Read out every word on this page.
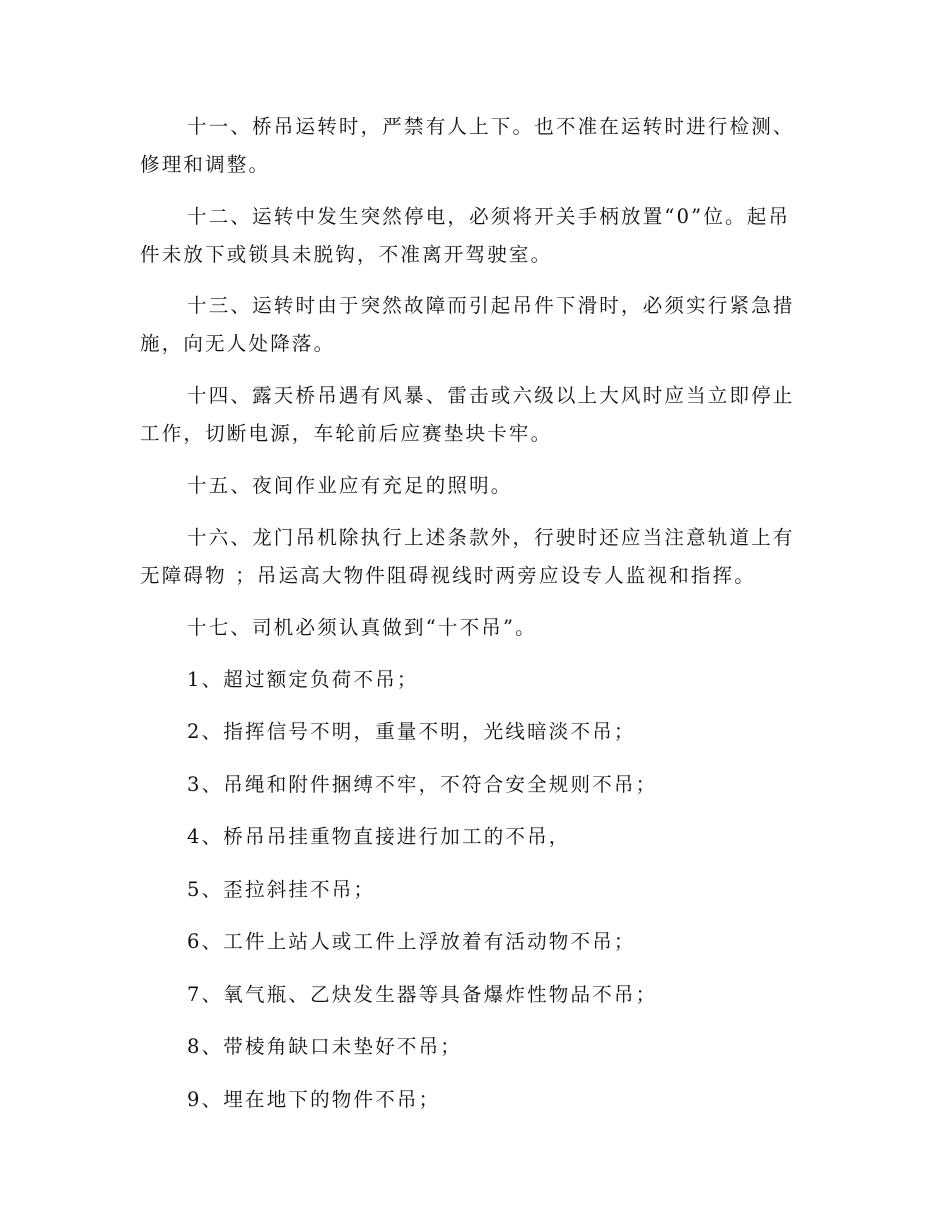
十一、桥吊运转时，严禁有人上下。也不准在运转时进行检测、
修理和调整。

十二、运转中发生突然停电，必须将开关手柄放置“0”位。起吊
件未放下或锁具未脱钩，不准离开驾驶室。

十三、运转时由于突然故障而引起吊件下滑时，必须实行紧急措
施，向无人处降落。

十四、露天桥吊遇有风暴、雷击或六级以上大风时应当立即停止
工作，切断电源，车轮前后应赛垫块卡牢。

十五、夜间作业应有充足的照明。

十六、龙门吊机除执行上述条款外，行驶时还应当注意轨道上有
无障碍物 ；吊运高大物件阻碍视线时两旁应设专人监视和指挥。

十七、司机必须认真做到“十不吊”。

1、超过额定负荷不吊；

2、指挥信号不明，重量不明，光线暗淡不吊；

3、吊绳和附件捆缚不牢，不符合安全规则不吊；

4、桥吊吊挂重物直接进行加工的不吊，

5、歪拉斜挂不吊；

6、工件上站人或工件上浮放着有活动物不吊；

7、氧气瓶、乙炔发生器等具备爆炸性物品不吊；

8、带棱角缺口未垫好不吊；

9、埋在地下的物件不吊；
